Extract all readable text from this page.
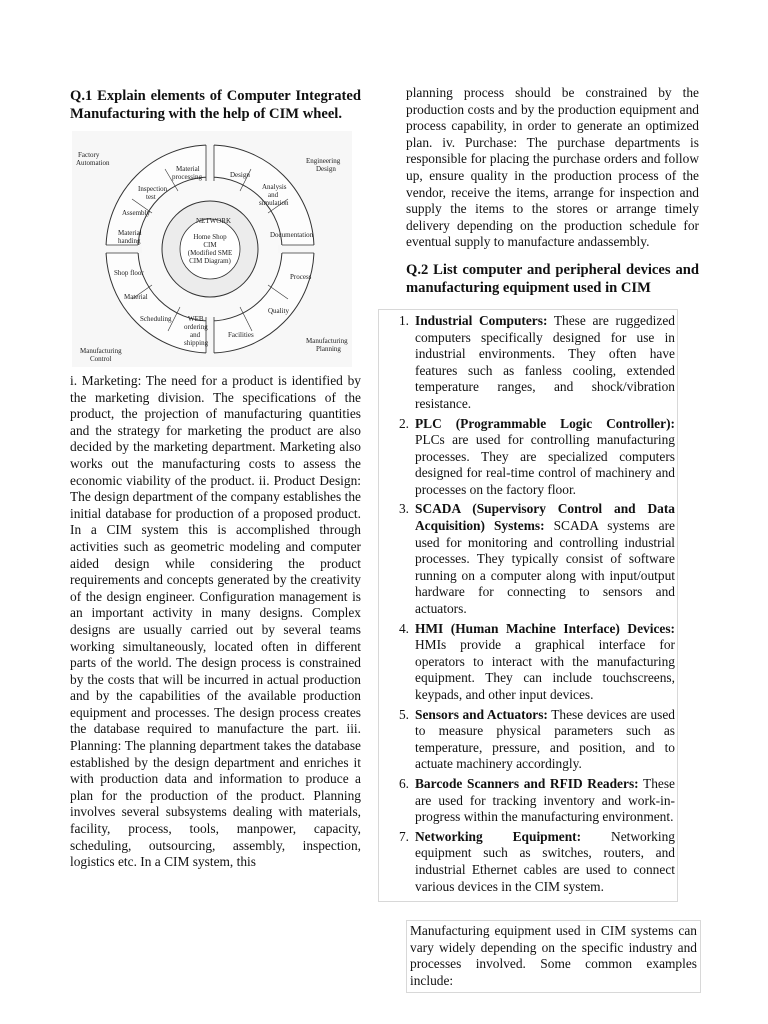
Q.1 Explain elements of Computer Integrated Manufacturing with the help of CIM wheel.
Factory Automation	Engineering Design
Manufacturing Control
Manufacturing Planning
Material processing
Inspection test
Assembly
Material handing
Design
Analysis and simulation
Documentation
Shop floor
Material
Scheduling	WEB ordering and shipping
Facilities
Quality
Process
NETWORK
Home Shop CIM (Modified SME CIM Diagram)

i. Marketing: The need for a product is identified by the marketing division. The specifications of the product, the projection of manufacturing quantities and the strategy for marketing the product are also decided by the marketing department. Marketing also works out the manufacturing costs to assess the economic viability of the product. ii. Product Design: The design department of the company establishes the initial database for production of a proposed product. In a CIM system this is accomplished through activities such as geometric modeling and computer aided design while considering the product requirements and concepts generated by the creativity of the design engineer. Configuration management is an important activity in many designs. Complex designs are usually carried out by several teams working simultaneously, located often in different parts of the world. The design process is constrained by the costs that will be incurred in actual production and by the capabilities of the available production equipment and processes. The design process creates the database required to manufacture the part. iii. Planning: The planning department takes the database established by the design department and enriches it with production data and information to produce a plan for the production of the product. Planning involves several subsystems dealing with materials, facility, process, tools, manpower, capacity, scheduling, outsourcing, assembly, inspection, logistics etc. In a CIM system, this

planning process should be constrained by the production costs and by the production equipment and process capability, in order to generate an optimized plan. iv. Purchase: The purchase departments is responsible for placing the purchase orders and follow up, ensure quality in the production process of the vendor, receive the items, arrange for inspection and supply the items to the stores or arrange timely delivery depending on the production schedule for eventual supply to manufacture andassembly.

Q.2 List computer and peripheral devices and manufacturing equipment used in CIM
1. Industrial Computers: These are ruggedized computers specifically designed for use in industrial environments. They often have features such as fanless cooling, extended temperature ranges, and shock/vibration resistance.
2. PLC (Programmable Logic Controller): PLCs are used for controlling manufacturing processes. They are specialized computers designed for real-time control of machinery and processes on the factory floor.
3. SCADA (Supervisory Control and Data Acquisition) Systems: SCADA systems are used for monitoring and controlling industrial processes. They typically consist of software running on a computer along with input/output hardware for connecting to sensors and actuators.
4. HMI (Human Machine Interface) Devices: HMIs provide a graphical interface for operators to interact with the manufacturing equipment. They can include touchscreens, keypads, and other input devices.
5. Sensors and Actuators: These devices are used to measure physical parameters such as temperature, pressure, and position, and to actuate machinery accordingly.
6. Barcode Scanners and RFID Readers: These are used for tracking inventory and work-in-progress within the manufacturing environment.
7. Networking Equipment: Networking equipment such as switches, routers, and industrial Ethernet cables are used to connect various devices in the CIM system.
Manufacturing equipment used in CIM systems can vary widely depending on the specific industry and processes involved. Some common examples include:
